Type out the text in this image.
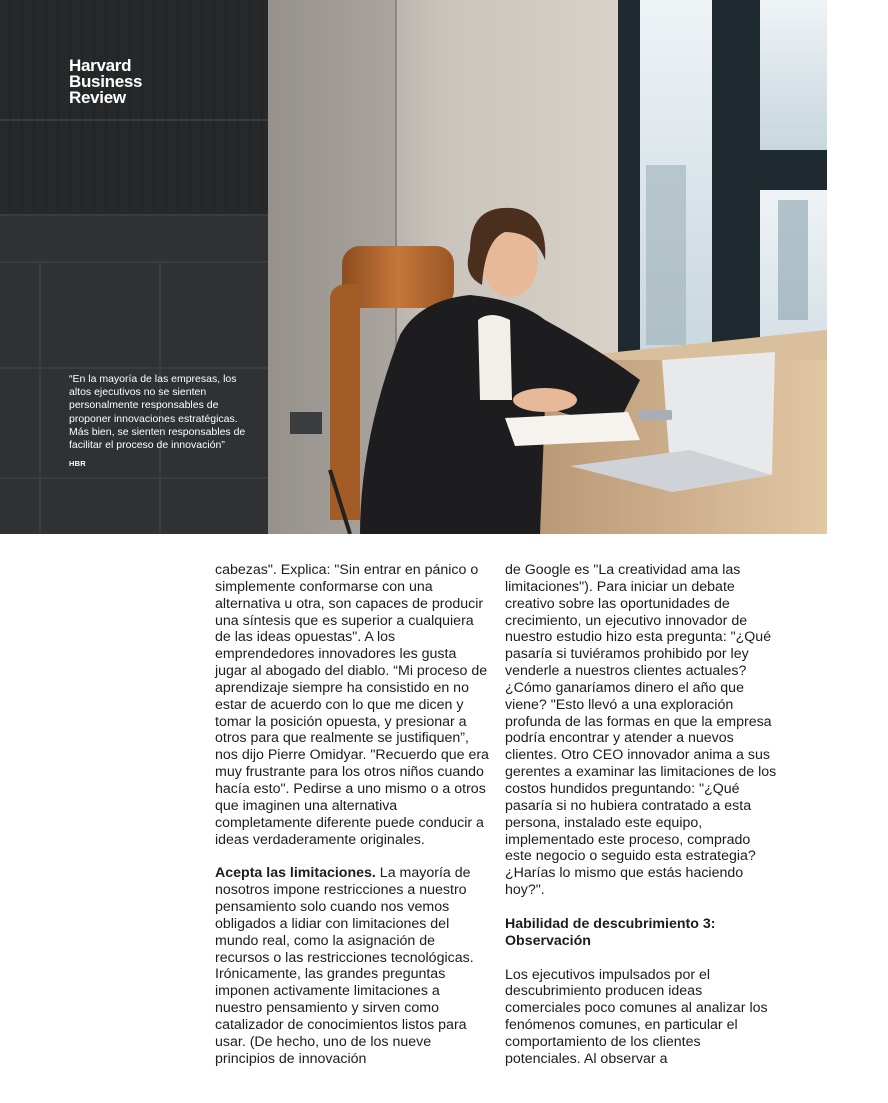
Harvard
Business
Review
“En la mayoría de las empresas, los altos ejecutivos no se sienten personalmente responsables de proponer innovaciones estratégicas. Más bien, se sienten responsables de facilitar el proceso de innovación”
HBR

cabezas". Explica: "Sin entrar en pánico o simplemente conformarse con una alternativa u otra, son capaces de producir una síntesis que es superior a cualquiera de las ideas opuestas". A los emprendedores innovadores les gusta jugar al abogado del diablo. “Mi proceso de aprendizaje siempre ha consistido en no estar de acuerdo con lo que me dicen y tomar la posición opuesta, y presionar a otros para que realmente se justifiquen”, nos dijo Pierre Omidyar. "Recuerdo que era muy frustrante para los otros niños cuando hacía esto". Pedirse a uno mismo o a otros que imaginen una alternativa completamente diferente puede conducir a ideas verdaderamente originales.

Acepta las limitaciones. La mayoría de nosotros impone restricciones a nuestro pensamiento solo cuando nos vemos obligados a lidiar con limitaciones del mundo real, como la asignación de recursos o las restricciones tecnológicas. Irónicamente, las grandes preguntas imponen activamente limitaciones a nuestro pensamiento y sirven como catalizador de conocimientos listos para usar. (De hecho, uno de los nueve principios de innovación

de Google es "La creatividad ama las limitaciones"). Para iniciar un debate creativo sobre las oportunidades de crecimiento, un ejecutivo innovador de nuestro estudio hizo esta pregunta: "¿Qué pasaría si tuviéramos prohibido por ley venderle a nuestros clientes actuales? ¿Cómo ganaríamos dinero el año que viene? "Esto llevó a una exploración profunda de las formas en que la empresa podría encontrar y atender a nuevos clientes. Otro CEO innovador anima a sus gerentes a examinar las limitaciones de los costos hundidos preguntando: "¿Qué pasaría si no hubiera contratado a esta persona, instalado este equipo, implementado este proceso, comprado este negocio o seguido esta estrategia? ¿Harías lo mismo que estás haciendo hoy?".

Habilidad de descubrimiento 3: Observación

Los ejecutivos impulsados por el descubrimiento producen ideas comerciales poco comunes al analizar los fenómenos comunes, en particular el comportamiento de los clientes potenciales. Al observar a
